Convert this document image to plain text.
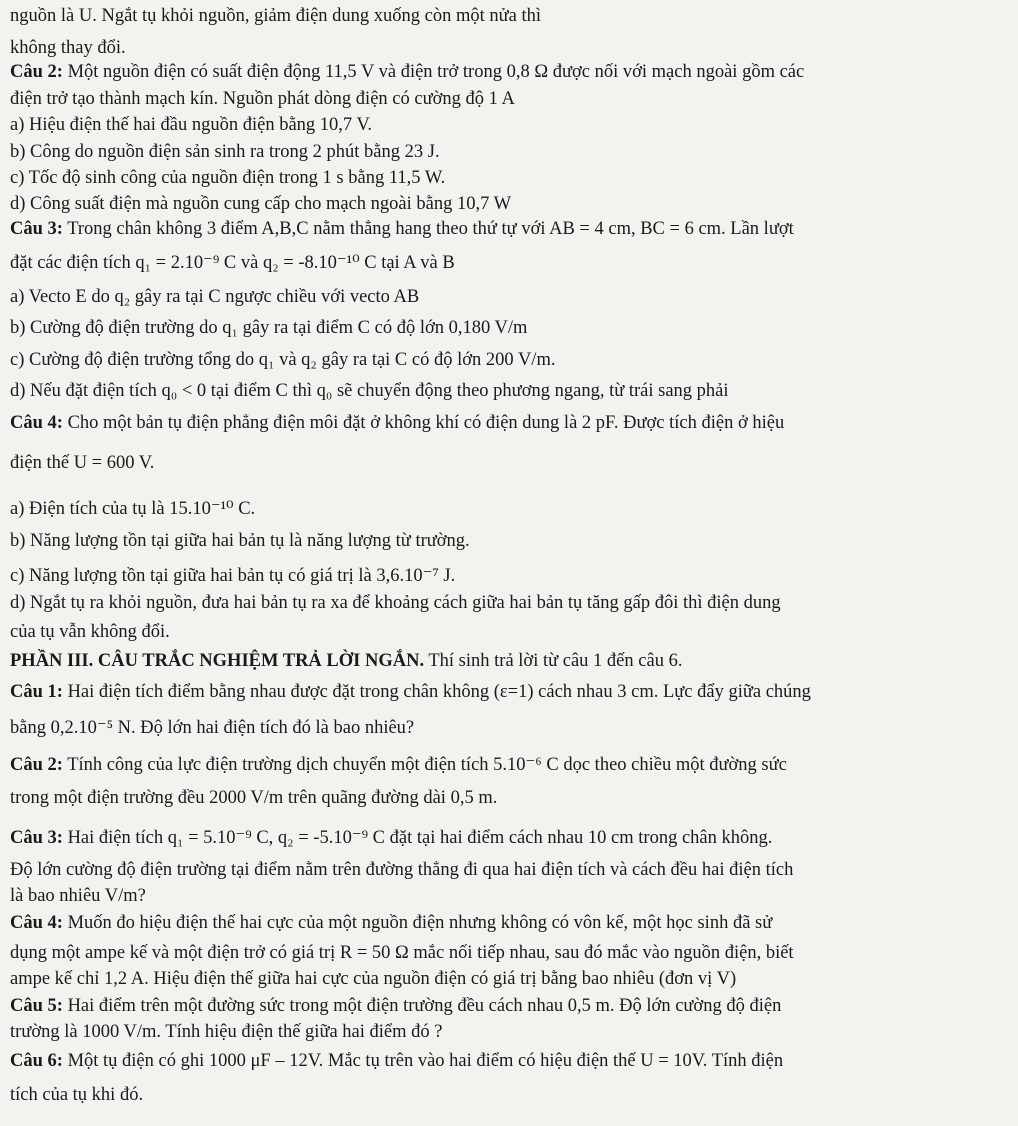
nguồn là U. Ngắt tụ khỏi nguồn, giảm điện dung xuống còn một nửa thì
không thay đổi.
Câu 2: Một nguồn điện có suất điện động 11,5 V và điện trở trong 0,8 Ω được nối với mạch ngoài gồm các
điện trở tạo thành mạch kín. Nguồn phát dòng điện có cường độ 1 A
a) Hiệu điện thế hai đầu nguồn điện bằng 10,7 V.
b) Công do nguồn điện sản sinh ra trong 2 phút bằng 23 J.
c) Tốc độ sinh công của nguồn điện trong 1 s bằng 11,5 W.
d) Công suất điện mà nguồn cung cấp cho mạch ngoài bằng 10,7 W
Câu 3: Trong chân không 3 điểm A,B,C nằm thẳng hang theo thứ tự với AB = 4 cm, BC = 6 cm. Lần lượt
đặt các điện tích q₁ = 2.10⁻⁹ C và q₂ = -8.10⁻¹⁰ C tại A và B
a) Vecto E do q₂ gây ra tại C ngược chiều với vecto AB
b) Cường độ điện trường do q₁ gây ra tại điểm C có độ lớn 0,180 V/m
c) Cường độ điện trường tổng do q₁ và q₂ gây ra tại C có độ lớn 200 V/m.
d) Nếu đặt điện tích q₀ < 0 tại điểm C thì q₀ sẽ chuyển động theo phương ngang, từ trái sang phải
Câu 4: Cho một bản tụ điện phẳng điện môi đặt ở không khí có điện dung là 2 pF. Được tích điện ở hiệu
điện thế U = 600 V.
a) Điện tích của tụ là 15.10⁻¹⁰ C.
b) Năng lượng tồn tại giữa hai bản tụ là năng lượng từ trường.
c) Năng lượng tồn tại giữa hai bản tụ có giá trị là 3,6.10⁻⁷ J.
d) Ngắt tụ ra khỏi nguồn, đưa hai bản tụ ra xa để khoảng cách giữa hai bản tụ tăng gấp đôi thì điện dung
của tụ vẫn không đổi.
PHẦN III. CÂU TRẮC NGHIỆM TRẢ LỜI NGẮN. Thí sinh trả lời từ câu 1 đến câu 6.
Câu 1: Hai điện tích điểm bằng nhau được đặt trong chân không (ε=1) cách nhau 3 cm. Lực đẩy giữa chúng
bằng 0,2.10⁻⁵ N. Độ lớn hai điện tích đó là bao nhiêu?
Câu 2: Tính công của lực điện trường dịch chuyển một điện tích 5.10⁻⁶ C dọc theo chiều một đường sức
trong một điện trường đều 2000 V/m trên quãng đường dài 0,5 m.
Câu 3: Hai điện tích q₁ = 5.10⁻⁹ C, q₂ = -5.10⁻⁹ C đặt tại hai điểm cách nhau 10 cm trong chân không.
Độ lớn cường độ điện trường tại điểm nằm trên đường thẳng đi qua hai điện tích và cách đều hai điện tích
là bao nhiêu V/m?
Câu 4: Muốn đo hiệu điện thế hai cực của một nguồn điện nhưng không có vôn kế, một học sinh đã sử
dụng một ampe kế và một điện trở có giá trị R = 50 Ω mắc nối tiếp nhau, sau đó mắc vào nguồn điện, biết
ampe kế chỉ 1,2 A. Hiệu điện thế giữa hai cực của nguồn điện có giá trị bằng bao nhiêu (đơn vị V)
Câu 5: Hai điểm trên một đường sức trong một điện trường đều cách nhau 0,5 m. Độ lớn cường độ điện
trường là 1000 V/m. Tính hiệu điện thế giữa hai điểm đó ?
Câu 6: Một tụ điện có ghi 1000 μF – 12V. Mắc tụ trên vào hai điểm có hiệu điện thế U = 10V. Tính điện
tích của tụ khi đó.
